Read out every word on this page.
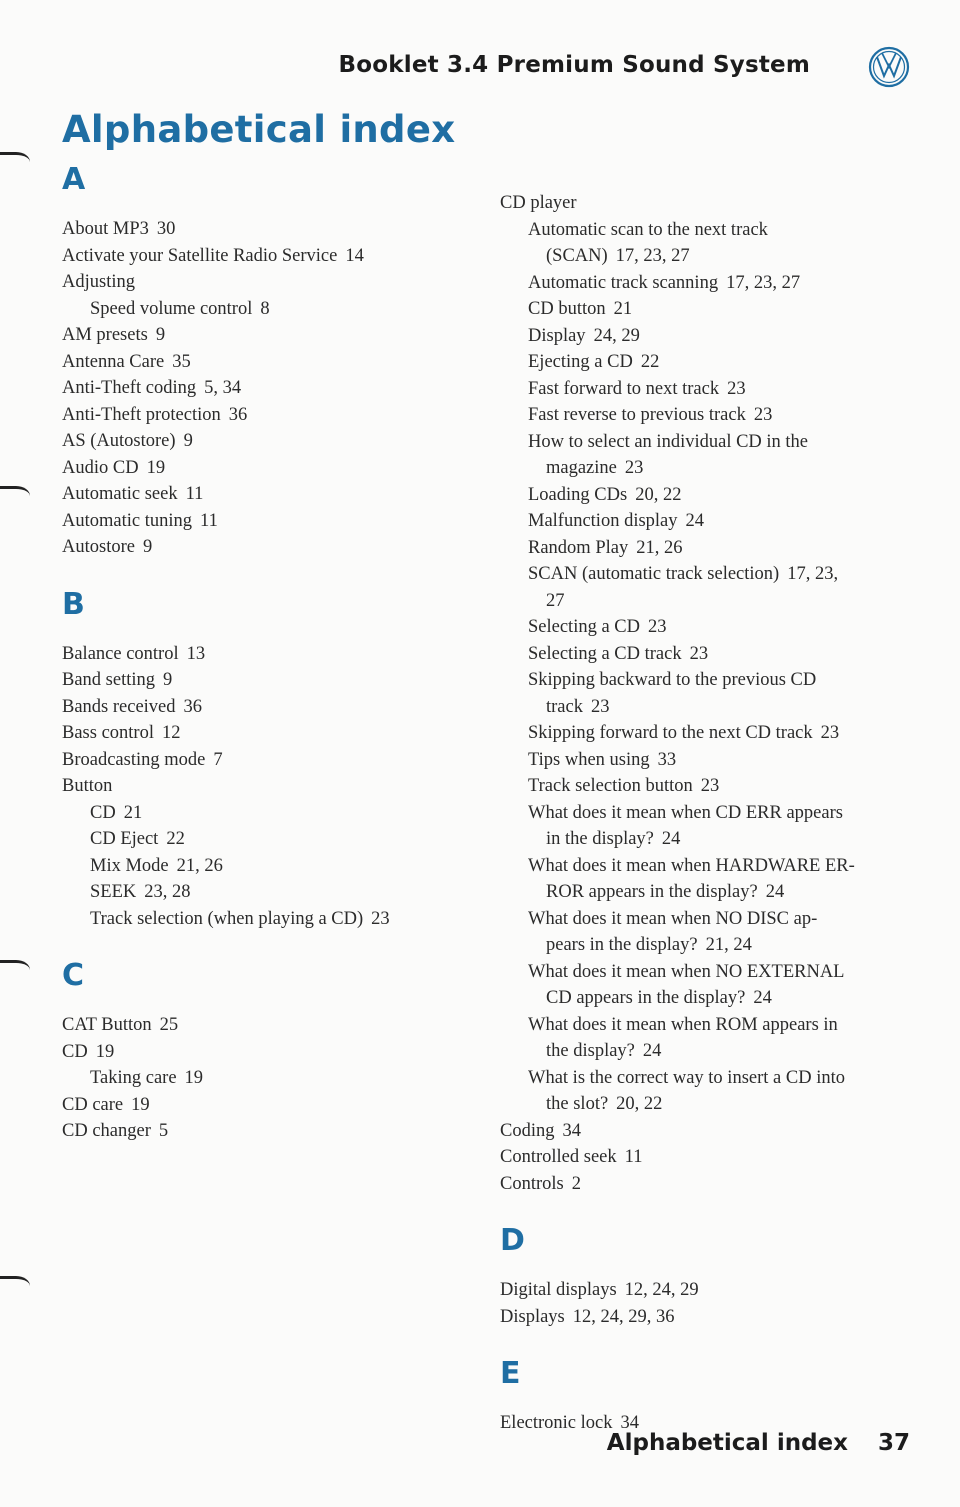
Booklet 3.4 Premium Sound System
Alphabetical index
A
About MP3 30
Activate your Satellite Radio Service 14
Adjusting
Speed volume control 8
AM presets 9
Antenna Care 35
Anti-Theft coding 5, 34
Anti-Theft protection 36
AS (Autostore) 9
Audio CD 19
Automatic seek 11
Automatic tuning 11
Autostore 9
B
Balance control 13
Band setting 9
Bands received 36
Bass control 12
Broadcasting mode 7
Button
CD 21
CD Eject 22
Mix Mode 21, 26
SEEK 23, 28
Track selection (when playing a CD) 23
C
CAT Button 25
CD 19
Taking care 19
CD care 19
CD changer 5
CD player
Automatic scan to the next track
(SCAN) 17, 23, 27
Automatic track scanning 17, 23, 27
CD button 21
Display 24, 29
Ejecting a CD 22
Fast forward to next track 23
Fast reverse to previous track 23
How to select an individual CD in the
magazine 23
Loading CDs 20, 22
Malfunction display 24
Random Play 21, 26
SCAN (automatic track selection) 17, 23,
27
Selecting a CD 23
Selecting a CD track 23
Skipping backward to the previous CD
track 23
Skipping forward to the next CD track 23
Tips when using 33
Track selection button 23
What does it mean when CD ERR appears
in the display? 24
What does it mean when HARDWARE ER-
ROR appears in the display? 24
What does it mean when NO DISC ap-
pears in the display? 21, 24
What does it mean when NO EXTERNAL
CD appears in the display? 24
What does it mean when ROM appears in
the display? 24
What is the correct way to insert a CD into
the slot? 20, 22
Coding 34
Controlled seek 11
Controls 2
D
Digital displays 12, 24, 29
Displays 12, 24, 29, 36
E
Electronic lock 34
Alphabetical index 37
